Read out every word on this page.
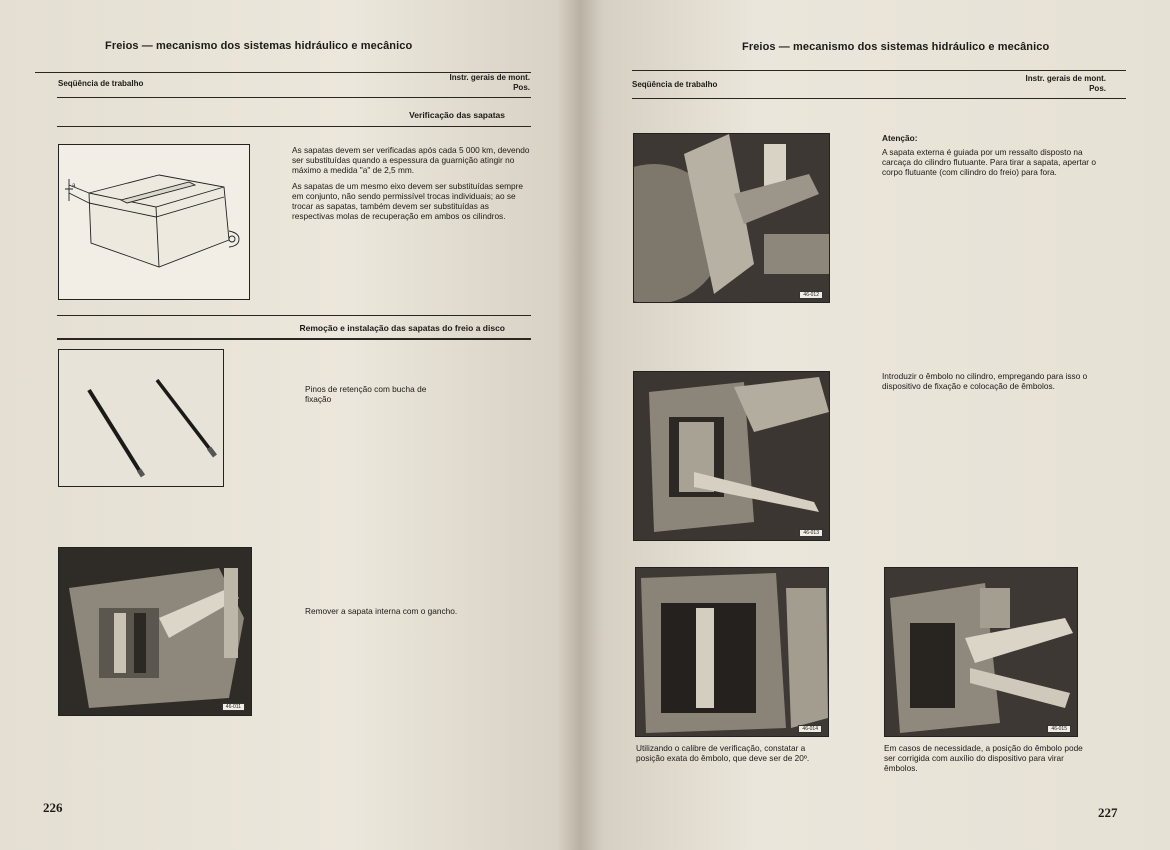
Freios — mecanismo dos sistemas hidráulico e mecânico
Seqüência de trabalho
Instr. gerais de mont.
Pos.
Verificação das sapatas
a
As sapatas devem ser verificadas após cada 5 000 km, devendo ser substituídas quando a espessura da guarnição atingir no máximo a medida "a" de 2,5 mm.
As sapatas de um mesmo eixo devem ser substituídas sempre em conjunto, não sendo permissível trocas individuais; ao se trocar as sapatas, também devem ser substituídas as respectivas molas de recuperação em ambos os cilindros.
Remoção e instalação das sapatas do freio a disco
Pinos de retenção com bucha de fixação
46-011
Remover a sapata interna com o gancho.
226
Freios — mecanismo dos sistemas hidráulico e mecânico
Seqüência de trabalho
Instr. gerais de mont.
Pos.
46-012
Atenção:
A sapata externa é guiada por um ressalto disposto na carcaça do cilindro flutuante. Para tirar a sapata, apertar o corpo flutuante (com cilindro do freio) para fora.
46-013
Introduzir o êmbolo no cilindro, empregando para isso o dispositivo de fixação e colocação de êmbolos.
46-014	46-015
Utilizando o calibre de verificação, constatar a posição exata do êmbolo, que deve ser de 20º.
Em casos de necessidade, a posição do êmbolo pode ser corrigida com auxílio do dispositivo para virar êmbolos.
227
